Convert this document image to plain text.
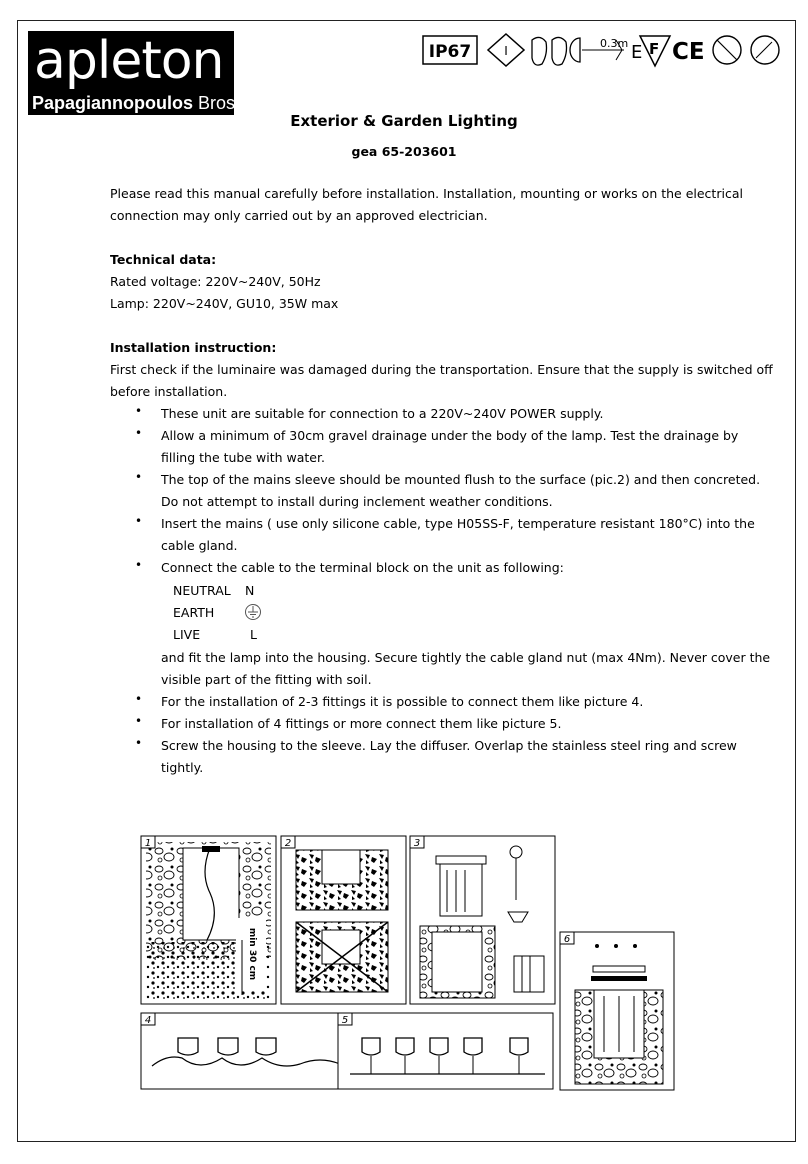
apleton
Papagiannopoulos Bros
IP67	I
0.3m E F CE
Exterior & Garden Lighting
gea 65-203601
Please read this manual carefully before installation. Installation, mounting or works on the electrical
connection may only carried out by an approved electrician.
Technical data:
Rated voltage: 220V~240V, 50Hz
Lamp: 220V~240V, GU10, 35W max
Installation instruction:
First check if the luminaire was damaged during the transportation. Ensure that the supply is switched off
before installation.
• These unit are suitable for connection to a 220V~240V POWER supply.
• Allow a minimum of 30cm gravel drainage under the body of the lamp. Test the drainage by
filling the tube with water.
• The top of the mains sleeve should be mounted flush to the surface (pic.2) and then concreted.
Do not attempt to install during inclement weather conditions.
• Insert the mains ( use only silicone cable, type H05SS-F, temperature resistant 180°C) into the
cable gland.
• Connect the cable to the terminal block on the unit as following:
NEUTRAL N
EARTH
LIVE	L
and fit the lamp into the housing. Secure tightly the cable gland nut (max 4Nm). Never cover the
visible part of the fitting with soil.
• For the installation of 2-3 fittings it is possible to connect them like picture 4.
• For installation of 4 fittings or more connect them like picture 5.
• Screw the housing to the sleeve. Lay the diffuser. Overlap the stainless steel ring and screw
tightly.
min 30 cm
1	2	3
6
4	5
